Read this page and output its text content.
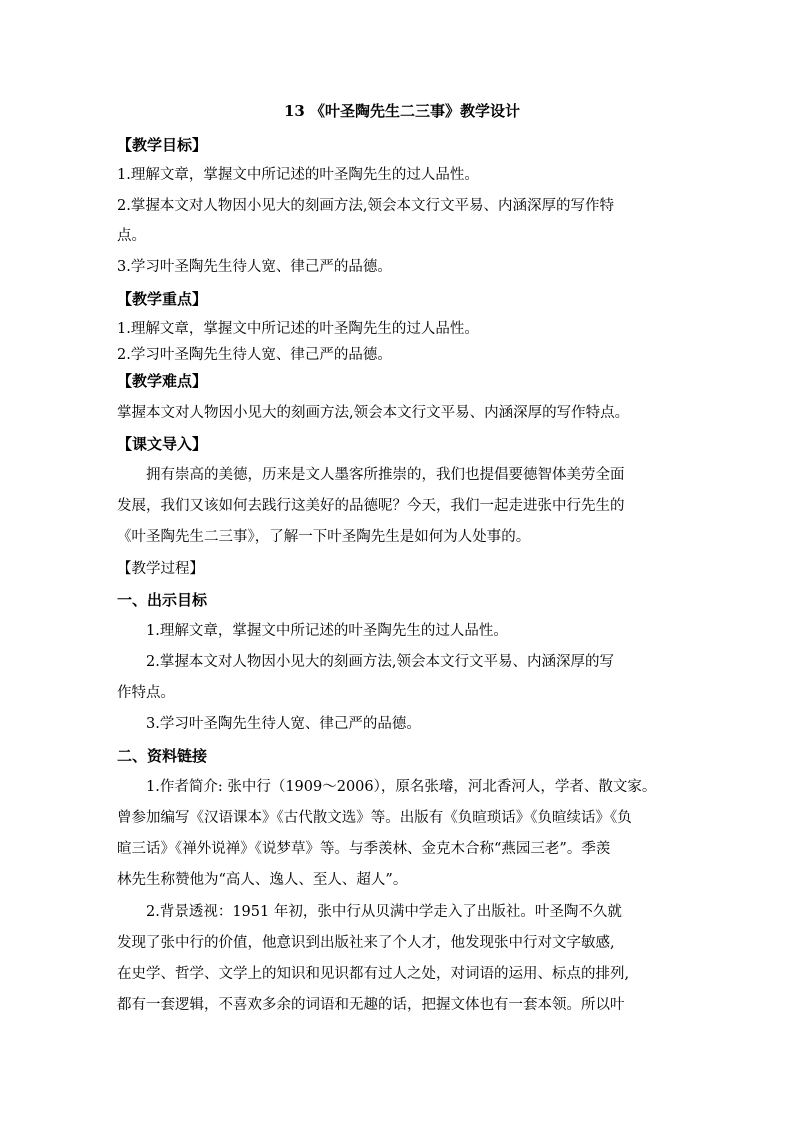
13 《叶圣陶先生二三事》教学设计
【教学目标】
1.理解文章，掌握文中所记述的叶圣陶先生的过人品性。
2.掌握本文对人物因小见大的刻画方法,领会本文行文平易、内涵深厚的写作特
点。
3.学习叶圣陶先生待人宽、律己严的品德。
【教学重点】
1.理解文章，掌握文中所记述的叶圣陶先生的过人品性。
2.学习叶圣陶先生待人宽、律己严的品德。
【教学难点】
掌握本文对人物因小见大的刻画方法,领会本文行文平易、内涵深厚的写作特点。
【课文导入】
拥有崇高的美德，历来是文人墨客所推崇的，我们也提倡要德智体美劳全面
发展，我们又该如何去践行这美好的品德呢？今天，我们一起走进张中行先生的
《叶圣陶先生二三事》，了解一下叶圣陶先生是如何为人处事的。
【教学过程】
一、出示目标
1.理解文章，掌握文中所记述的叶圣陶先生的过人品性。
2.掌握本文对人物因小见大的刻画方法,领会本文行文平易、内涵深厚的写
作特点。
3.学习叶圣陶先生待人宽、律己严的品德。
二、资料链接
1.作者简介: 张中行（1909～2006），原名张璿，河北香河人，学者、散文家。
曾参加编写《汉语课本》《古代散文选》等。出版有《负暄琐话》《负暄续话》《负
暄三话》《禅外说禅》《说梦草》等。与季羡林、金克木合称“燕园三老”。季羡
林先生称赞他为“高人、逸人、至人、超人”。
2.背景透视：1951 年初，张中行从贝满中学走入了出版社。叶圣陶不久就
发现了张中行的价值，他意识到出版社来了个人才，他发现张中行对文字敏感,
在史学、哲学、文学上的知识和见识都有过人之处，对词语的运用、标点的排列,
都有一套逻辑，不喜欢多余的词语和无趣的话，把握文体也有一套本领。所以叶
